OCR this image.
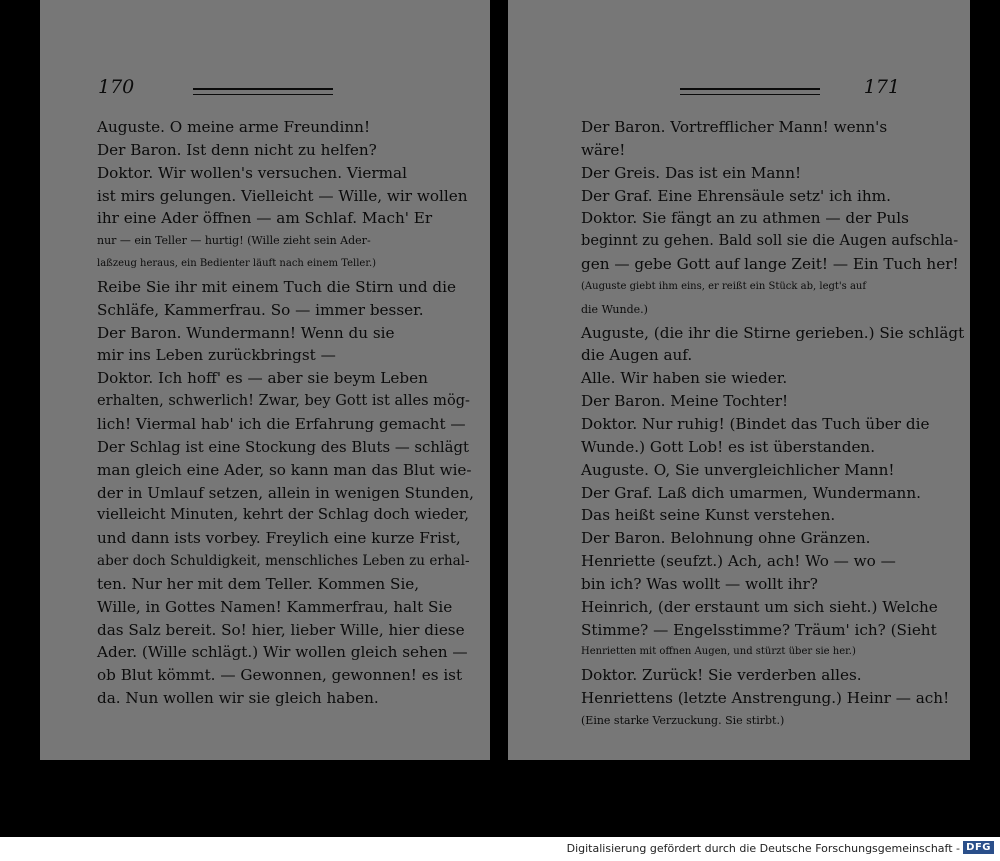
170
Auguste. O meine arme Freundinn!
Der Baron. Ist denn nicht zu helfen?
Doktor. Wir wollen's versuchen. Viermal
ist mirs gelungen. Vielleicht — Wille, wir wollen
ihr eine Ader öffnen — am Schlaf. Mach' Er
nur — ein Teller — hurtig! (Wille zieht sein Ader-
laßzeug heraus, ein Bedienter läuft nach einem Teller.)
Reibe Sie ihr mit einem Tuch die Stirn und die
Schläfe, Kammerfrau. So — immer besser.
Der Baron. Wundermann! Wenn du sie
mir ins Leben zurückbringst —
Doktor. Ich hoff' es — aber sie beym Leben
erhalten, schwerlich! Zwar, bey Gott ist alles mög-
lich! Viermal hab' ich die Erfahrung gemacht —
Der Schlag ist eine Stockung des Bluts — schlägt
man gleich eine Ader, so kann man das Blut wie-
der in Umlauf setzen, allein in wenigen Stunden,
vielleicht Minuten, kehrt der Schlag doch wieder,
und dann ists vorbey. Freylich eine kurze Frist,
aber doch Schuldigkeit, menschliches Leben zu erhal-
ten. Nur her mit dem Teller. Kommen Sie,
Wille, in Gottes Namen! Kammerfrau, halt Sie
das Salz bereit. So! hier, lieber Wille, hier diese
Ader. (Wille schlägt.) Wir wollen gleich sehen —
ob Blut kömmt. — Gewonnen, gewonnen! es ist
da. Nun wollen wir sie gleich haben.
171
Der Baron. Vortrefflicher Mann! wenn's
wäre!
Der Greis. Das ist ein Mann!
Der Graf. Eine Ehrensäule setz' ich ihm.
Doktor. Sie fängt an zu athmen — der Puls
beginnt zu gehen. Bald soll sie die Augen aufschla-
gen — gebe Gott auf lange Zeit! — Ein Tuch her!
(Auguste giebt ihm eins, er reißt ein Stück ab, legt's auf
die Wunde.)
Auguste, (die ihr die Stirne gerieben.) Sie schlägt
die Augen auf.
Alle. Wir haben sie wieder.
Der Baron. Meine Tochter!
Doktor. Nur ruhig! (Bindet das Tuch über die
Wunde.) Gott Lob! es ist überstanden.
Auguste. O, Sie unvergleichlicher Mann!
Der Graf. Laß dich umarmen, Wundermann.
Das heißt seine Kunst verstehen.
Der Baron. Belohnung ohne Gränzen.
Henriette (seufzt.) Ach, ach! Wo — wo —
bin ich? Was wollt — wollt ihr?
Heinrich, (der erstaunt um sich sieht.) Welche
Stimme? — Engelsstimme? Träum' ich? (Sieht
Henrietten mit offnen Augen, und stürzt über sie her.)
Doktor. Zurück! Sie verderben alles.
Henriettens (letzte Anstrengung.) Heinr — ach!
(Eine starke Verzuckung. Sie stirbt.)
Digitalisierung gefördert durch die Deutsche Forschungsgemeinschaft - DFG
